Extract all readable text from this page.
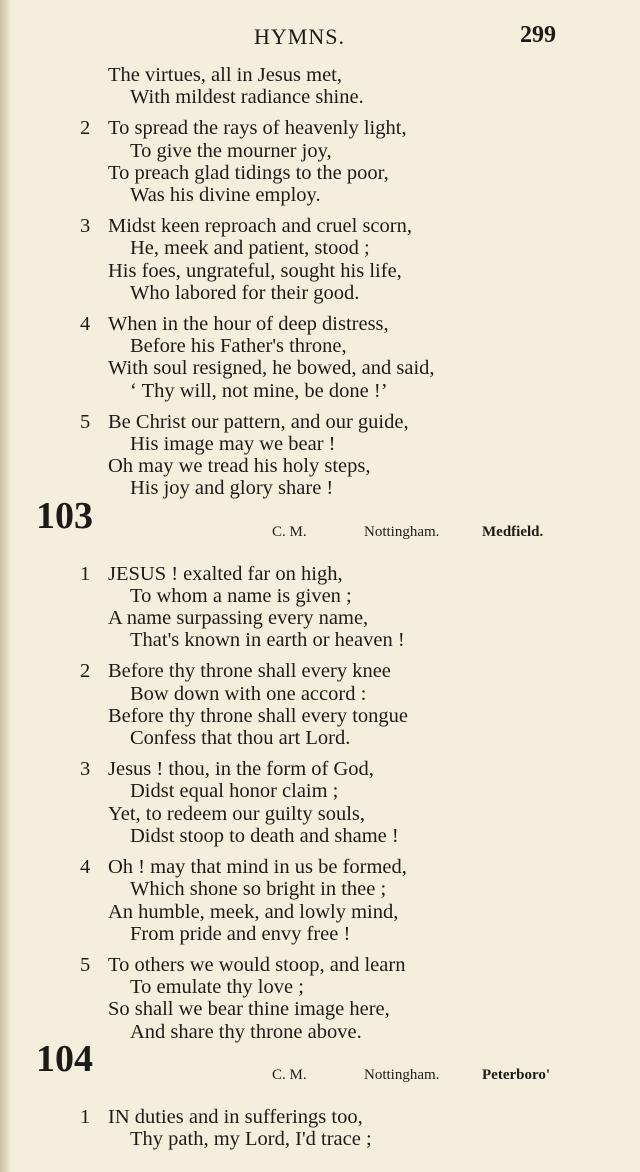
HYMNS.	299
The virtues, all in Jesus met,
With mildest radiance shine.
2 To spread the rays of heavenly light,
To give the mourner joy,
To preach glad tidings to the poor,
Was his divine employ.
3 Midst keen reproach and cruel scorn,
He, meek and patient, stood ;
His foes, ungrateful, sought his life,
Who labored for their good.
4 When in the hour of deep distress,
Before his Father's throne,
With soul resigned, he bowed, and said,
‘ Thy will, not mine, be done !’
5 Be Christ our pattern, and our guide,
His image may we bear !
Oh may we tread his holy steps,
His joy and glory share !
103	C. M.	Nottingham.	Medfield.
1 JESUS ! exalted far on high,
To whom a name is given ;
A name surpassing every name,
That's known in earth or heaven !
2 Before thy throne shall every knee
Bow down with one accord :
Before thy throne shall every tongue
Confess that thou art Lord.
3 Jesus ! thou, in the form of God,
Didst equal honor claim ;
Yet, to redeem our guilty souls,
Didst stoop to death and shame !
4 Oh ! may that mind in us be formed,
Which shone so bright in thee ;
An humble, meek, and lowly mind,
From pride and envy free !
5 To others we would stoop, and learn
To emulate thy love ;
So shall we bear thine image here,
And share thy throne above.
104	C. M.	Nottingham.	Peterboro'
1 IN duties and in sufferings too,
Thy path, my Lord, I'd trace ;
